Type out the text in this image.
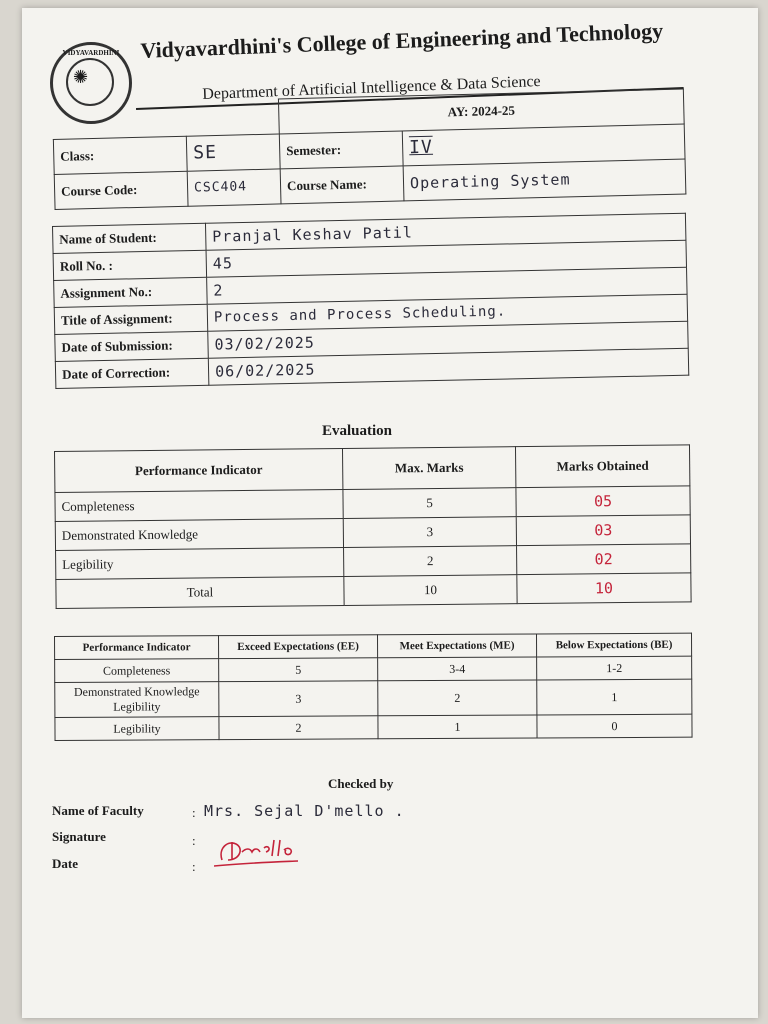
VIDYAVARDHINI
✺
Vidyavardhini's College of Engineering and Technology
Department of Artificial Intelligence & Data Science
		AY: 2024-25	
Class:	SE	Semester:	IV
Course Code:	CSC404	Course Name:	Operating System
Name of Student:	Pranjal Keshav Patil
Roll No. :	45
Assignment No.:	2
Title of Assignment:	Process and Process Scheduling.
Date of Submission:	03/02/2025
Date of Correction:	06/02/2025
Evaluation
Performance Indicator	Max. Marks	Marks Obtained
Completeness	5	05
Demonstrated Knowledge	3	03
Legibility	2	02
Total	10	10
Performance Indicator	Exceed Expectations (EE)	Meet Expectations (ME)	Below Expectations (BE)
Completeness	5	3-4	1-2
Demonstrated Knowledge Legibility	3	2	1
Legibility	2	1	0
Checked by
Name of Faculty	: Mrs. Sejal D'mello .
Signature	:
Date	:
